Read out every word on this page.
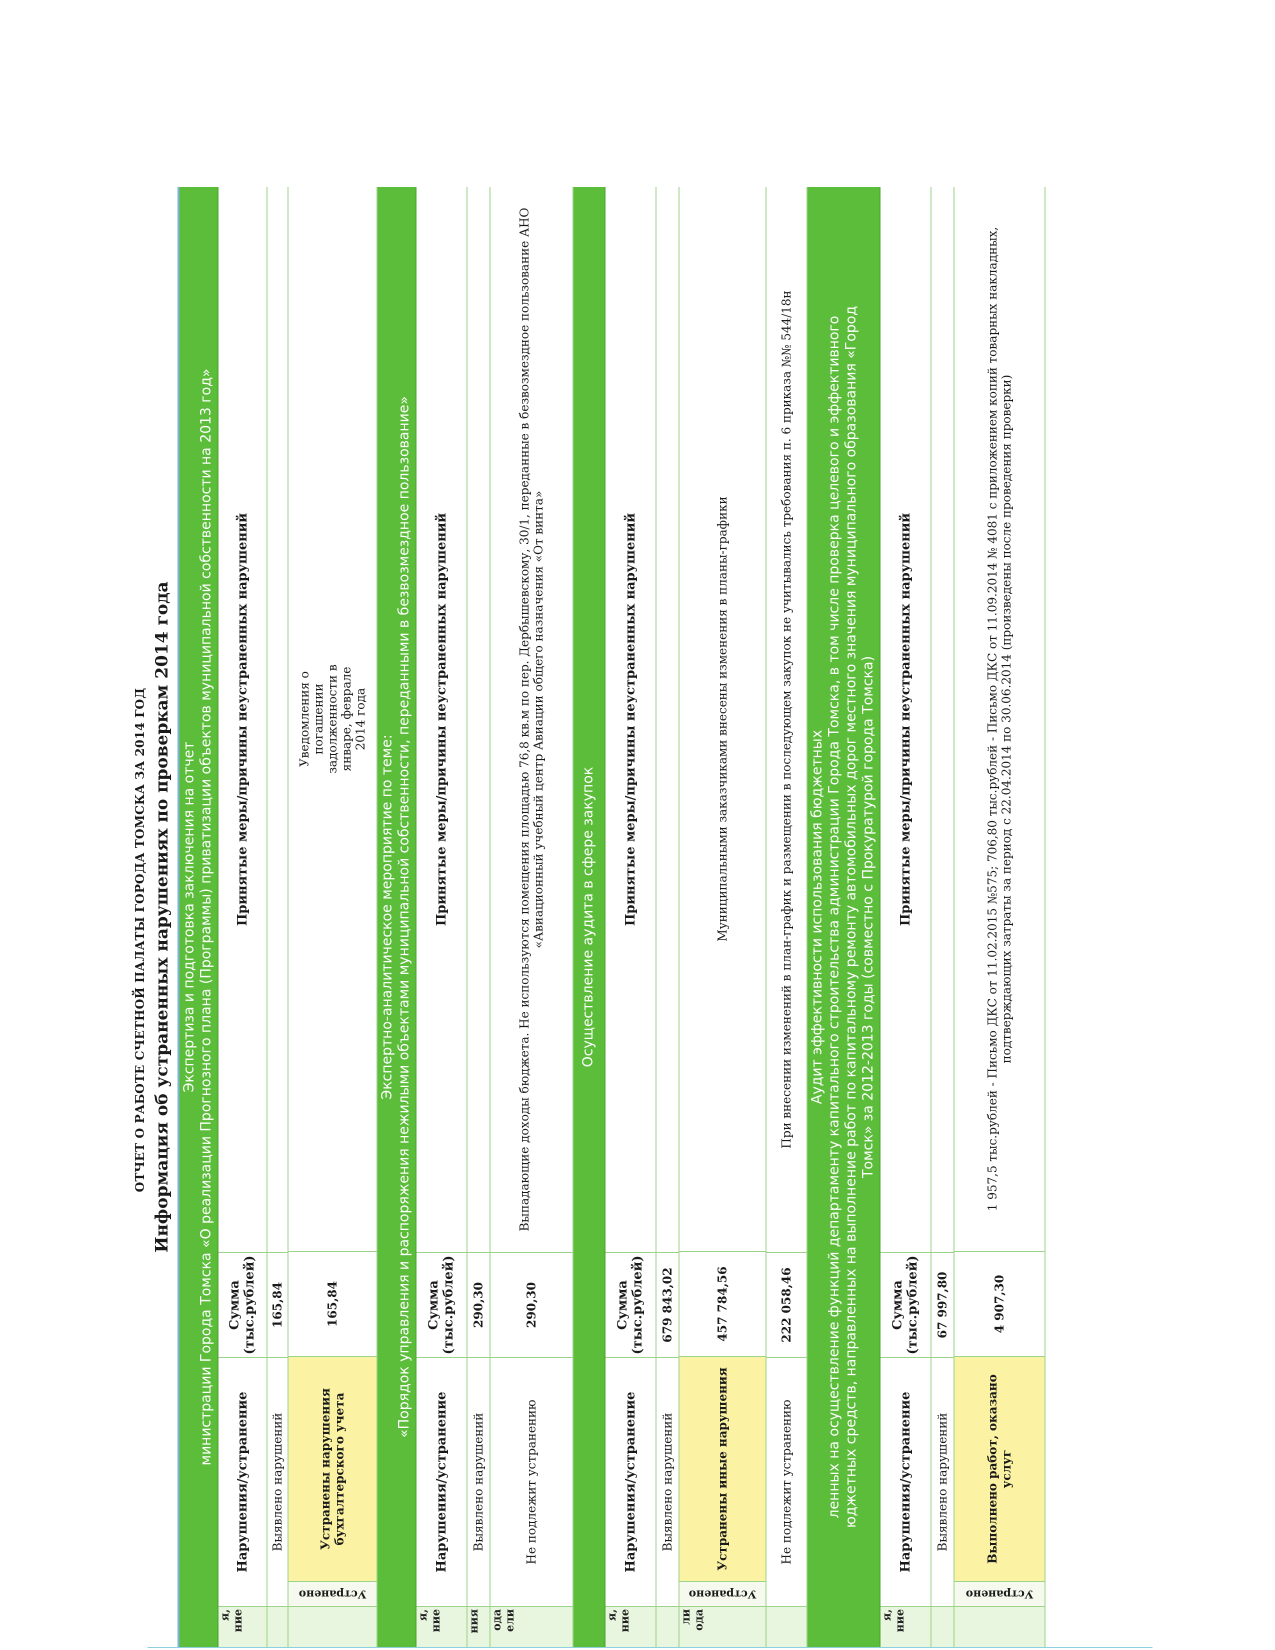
ОТЧЕТ О РАБОТЕ СЧЕТНОЙ ПАЛАТЫ ГОРОДА ТОМСКА ЗА 2014 ГОД Информация об устраненных нарушениях по проверкам 2014 года Экспертиза и подготовка заключения на отчет министрации Города Томска «О реализации Прогнозного плана (Программы) приватизации объектов муниципальной собственности на 2013 год»
я, ние
Нарушения/устранение
Сумма (тыс.рублей)
Принятые меры/причины неустраненных нарушений
Выявлено нарушений
165,84
Устранено
Устранены нарушения бухгалтерского учета
165,84
Уведомления о погашении задолженности в январе, феврале 2014 года
Экспертно-аналитическое мероприятие по теме: «Порядок управления и распоряжения нежилыми объектами муниципальной собственности, переданными в безвозмездное пользование»
я, ние
Нарушения/устранение
Сумма (тыс.рублей)
Принятые меры/причины неустраненных нарушений
ния
Выявлено нарушений
290,30
ода ели
Не подлежит устранению
290,30
Выпадающие доходы бюджета. Не используются помещения площадью 76,8 кв.м по пер. Дербышевскому, 30/1, переданные в безвозмездное пользование АНО «Авиационный учебный центр Авиации общего назначения «От винта»	Осуществление аудита в сфере закупок
я, ние
Нарушения/устранение
Сумма (тыс.рублей)
Принятые меры/причины неустраненных нарушений
Выявлено нарушений
679 843,02
ли ода
Устранено
Устранены иные нарушения
457 784,56
Муниципальными заказчиками внесены изменения в планы-графики
Не подлежит устранению
222 058,46
При внесении изменений в план-график и размещении в последующем закупок не учитывались требования п. 6 приказа №№ 544/18н	Аудит эффективности использования бюджетных ленных на осуществление функций департаменту капитального строительства администрации Города Томска, в том числе проверка целевого и эффективного юджетных средств, направленных на выполнение работ по капитальному ремонту автомобильных дорог местного значения муниципального образования «Город Томск» за 2012-2013 годы (совместно с Прокуратурой города Томска)
я, ние
Нарушения/устранение
Сумма (тыс.рублей)
Принятые меры/причины неустраненных нарушений
Выявлено нарушений
67 997,80
Устранено
Выполнено работ, оказано услуг
4 907,30
1 957,5 тыс.рублей - Письмо ДКС от 11.02.2015 №575; 706,80 тыс.рублей - Письмо ДКС от 11.09.2014 № 4081 с приложением копий товарных накладных, подтверждающих затраты за период с 22.04.2014 по 30.06.2014 (произведены после проведения проверки)
